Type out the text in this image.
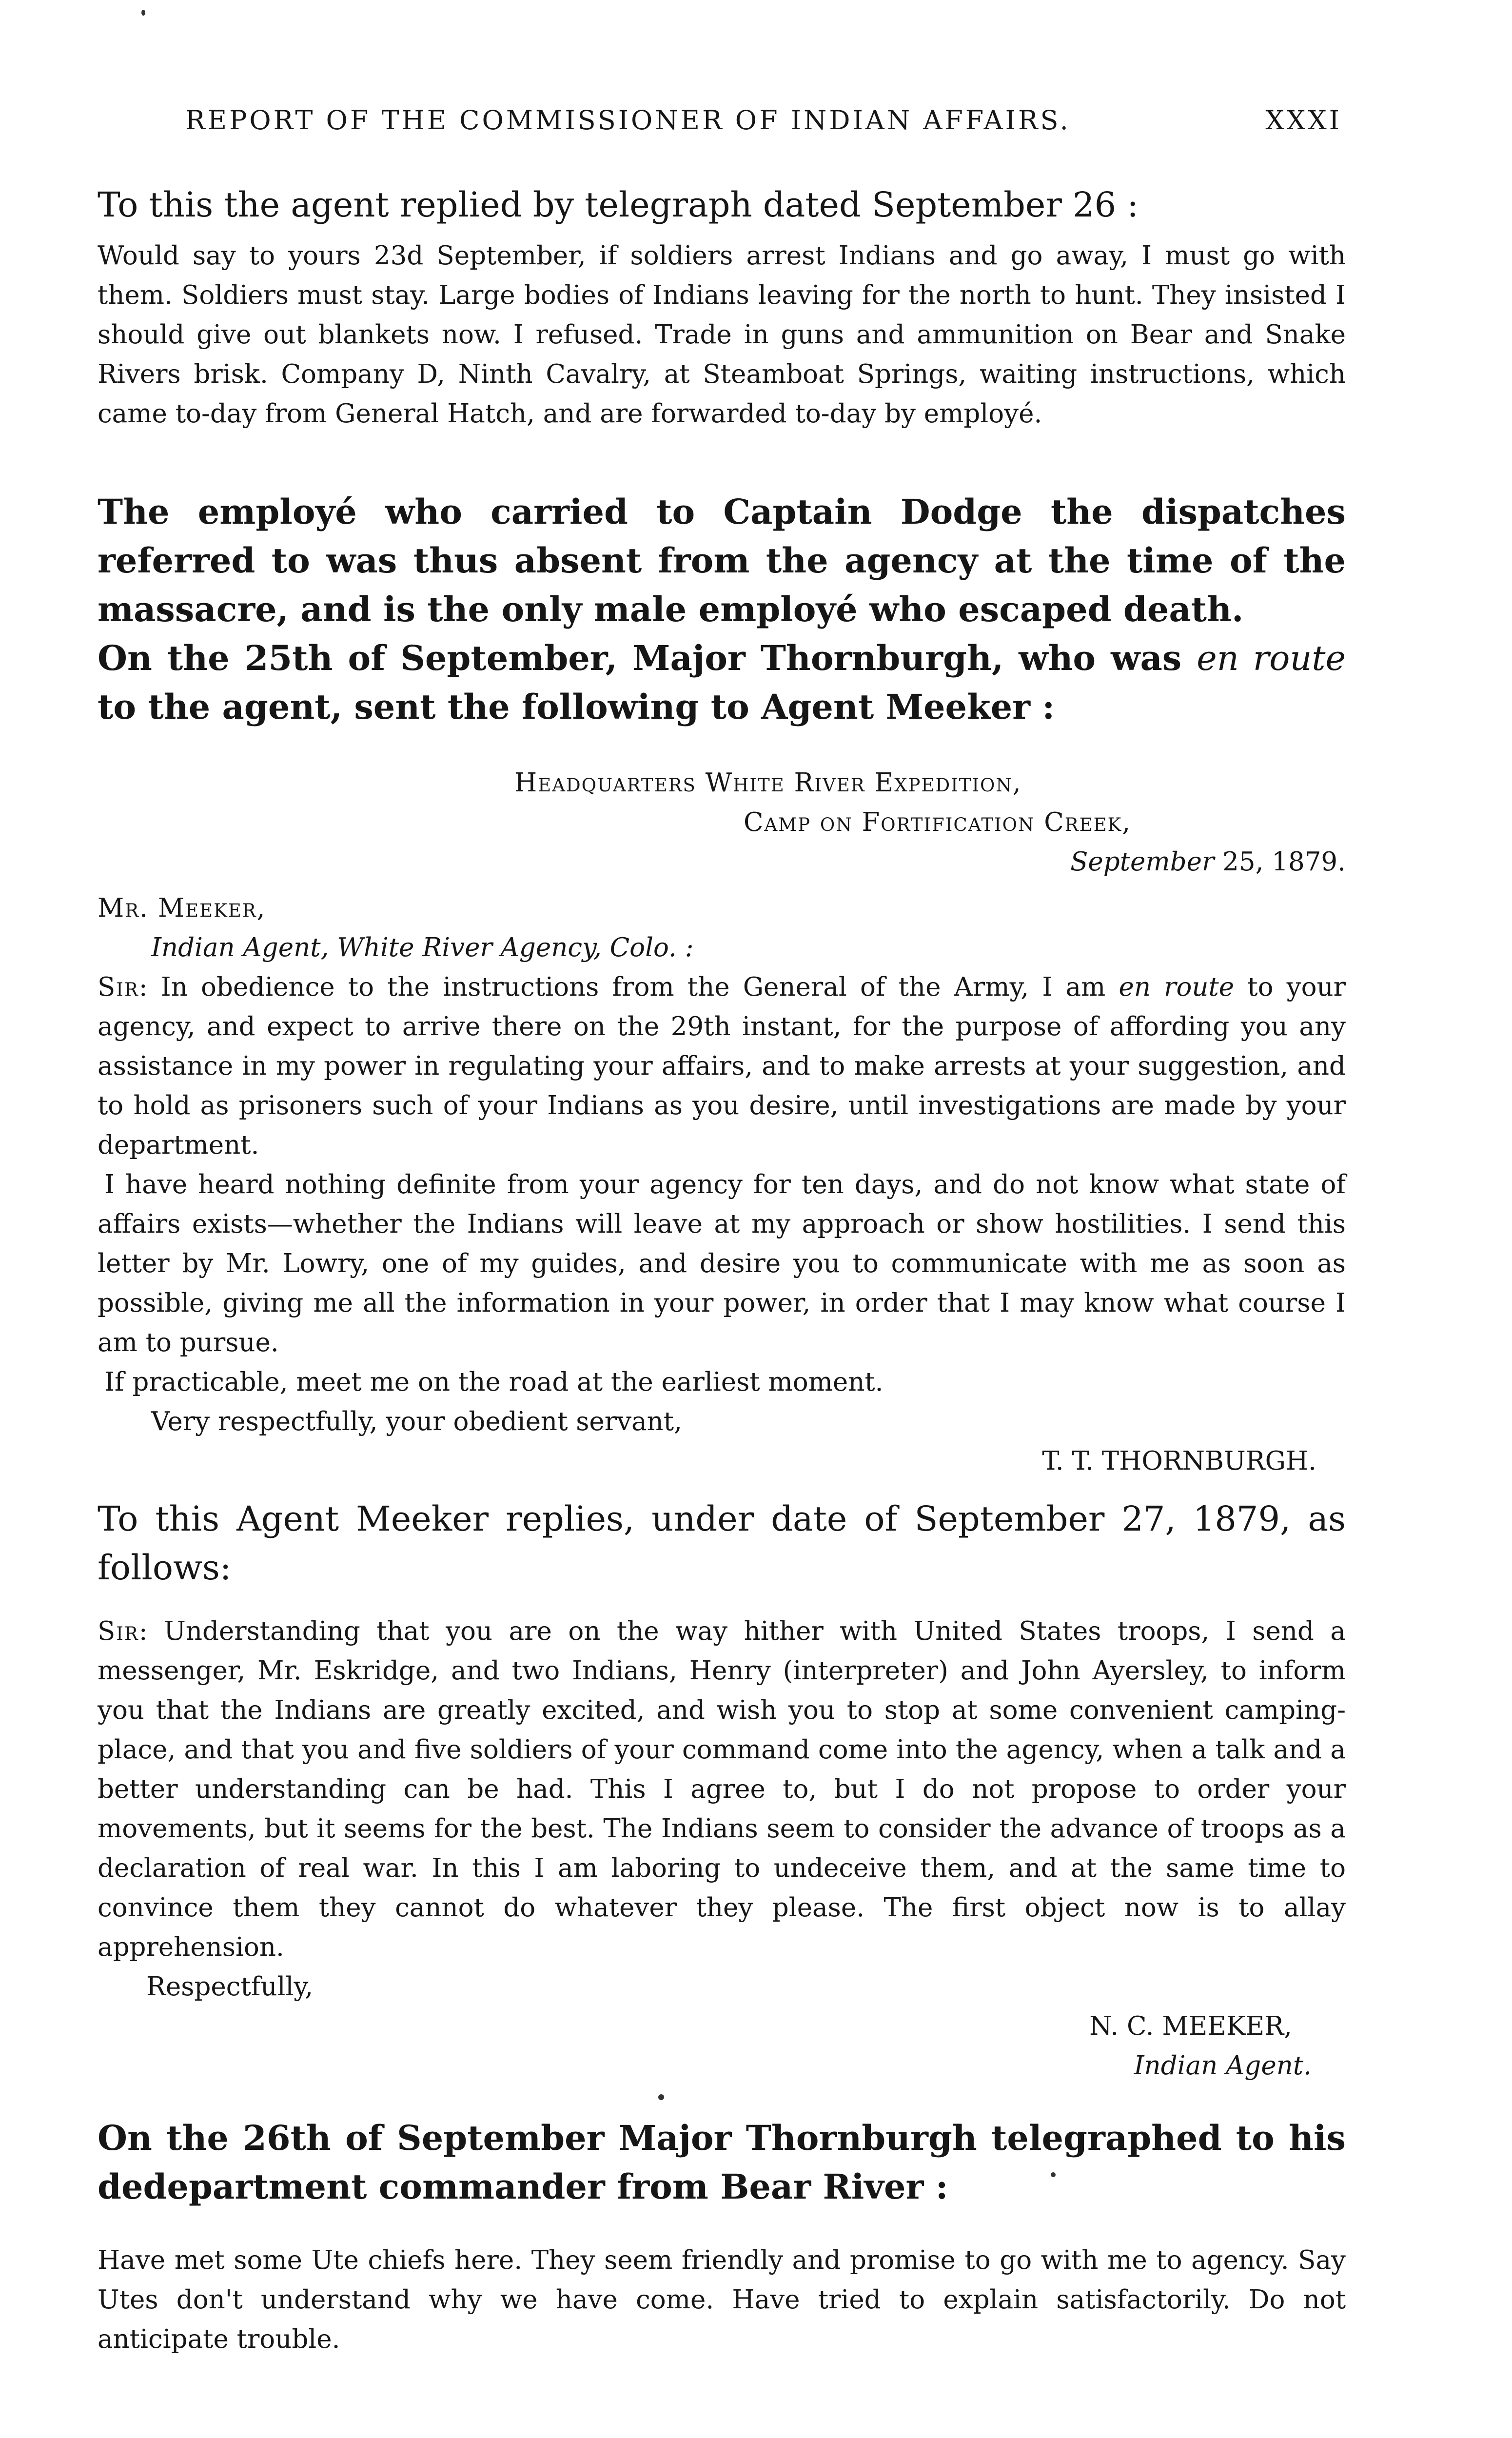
REPORT OF THE COMMISSIONER OF INDIAN AFFAIRS.	XXXI

To this the agent replied by telegraph dated September 26 :

Would say to yours 23d September, if soldiers arrest Indians and go away, I must go with them. Soldiers must stay. Large bodies of Indians leaving for the north to hunt. They insisted I should give out blankets now. I refused. Trade in guns and ammunition on Bear and Snake Rivers brisk. Company D, Ninth Cavalry, at Steamboat Springs, waiting instructions, which came to-day from General Hatch, and are forwarded to-day by employé.

The employé who carried to Captain Dodge the dispatches referred to was thus absent from the agency at the time of the massacre, and is the only male employé who escaped death.

On the 25th of September, Major Thornburgh, who was en route to the agent, sent the following to Agent Meeker :

Headquarters White River Expedition,
Camp on Fortification Creek,
September 25, 1879.
Mr. Meeker,
Indian Agent, White River Agency, Colo. :

Sir: In obedience to the instructions from the General of the Army, I am en route to your agency, and expect to arrive there on the 29th instant, for the purpose of affording you any assistance in my power in regulating your affairs, and to make arrests at your suggestion, and to hold as prisoners such of your Indians as you desire, until investigations are made by your department.

I have heard nothing definite from your agency for ten days, and do not know what state of affairs exists—whether the Indians will leave at my approach or show hostilities. I send this letter by Mr. Lowry, one of my guides, and desire you to communicate with me as soon as possible, giving me all the information in your power, in order that I may know what course I am to pursue.

If practicable, meet me on the road at the earliest moment.

Very respectfully, your obedient servant,

T. T. THORNBURGH.

To this Agent Meeker replies, under date of September 27, 1879, as follows:

Sir: Understanding that you are on the way hither with United States troops, I send a messenger, Mr. Eskridge, and two Indians, Henry (interpreter) and John Ayersley, to inform you that the Indians are greatly excited, and wish you to stop at some convenient camping-place, and that you and five soldiers of your command come into the agency, when a talk and a better understanding can be had. This I agree to, but I do not propose to order your movements, but it seems for the best. The Indians seem to consider the advance of troops as a declaration of real war. In this I am laboring to undeceive them, and at the same time to convince them they cannot do whatever they please. The first object now is to allay apprehension.

Respectfully,

N. C. MEEKER,

Indian Agent.

On the 26th of September Major Thornburgh telegraphed to his dedepartment commander from Bear River :

Have met some Ute chiefs here. They seem friendly and promise to go with me to agency. Say Utes don't understand why we have come. Have tried to explain satisfactorily. Do not anticipate trouble.
